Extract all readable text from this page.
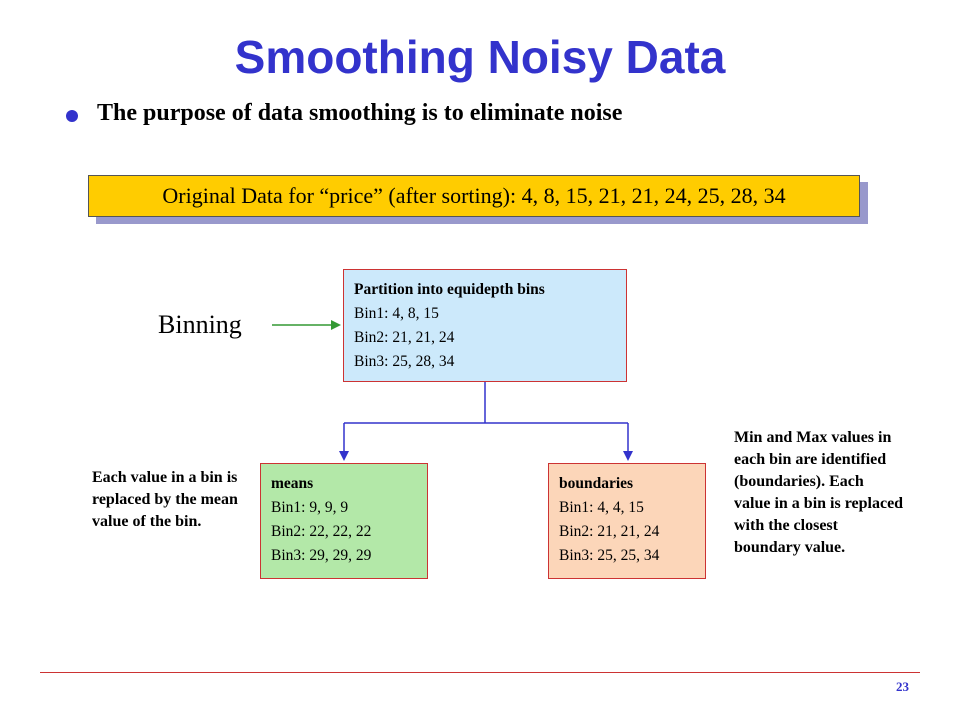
Smoothing Noisy Data
The purpose of data smoothing is to eliminate noise
Original Data for “price” (after sorting): 4, 8, 15, 21, 21, 24, 25, 28, 34
Binning
Partition into equidepth bins
Bin1: 4, 8, 15
Bin2: 21, 21, 24
Bin3: 25, 28, 34
means
Bin1: 9, 9, 9
Bin2: 22, 22, 22
Bin3: 29, 29, 29
boundaries
Bin1: 4, 4, 15
Bin2: 21, 21, 24
Bin3: 25, 25, 34
Each value in a bin is replaced by the mean value of the bin.
Min and Max values in each bin are identified (boundaries). Each value in a bin is replaced with the closest boundary value.
23
